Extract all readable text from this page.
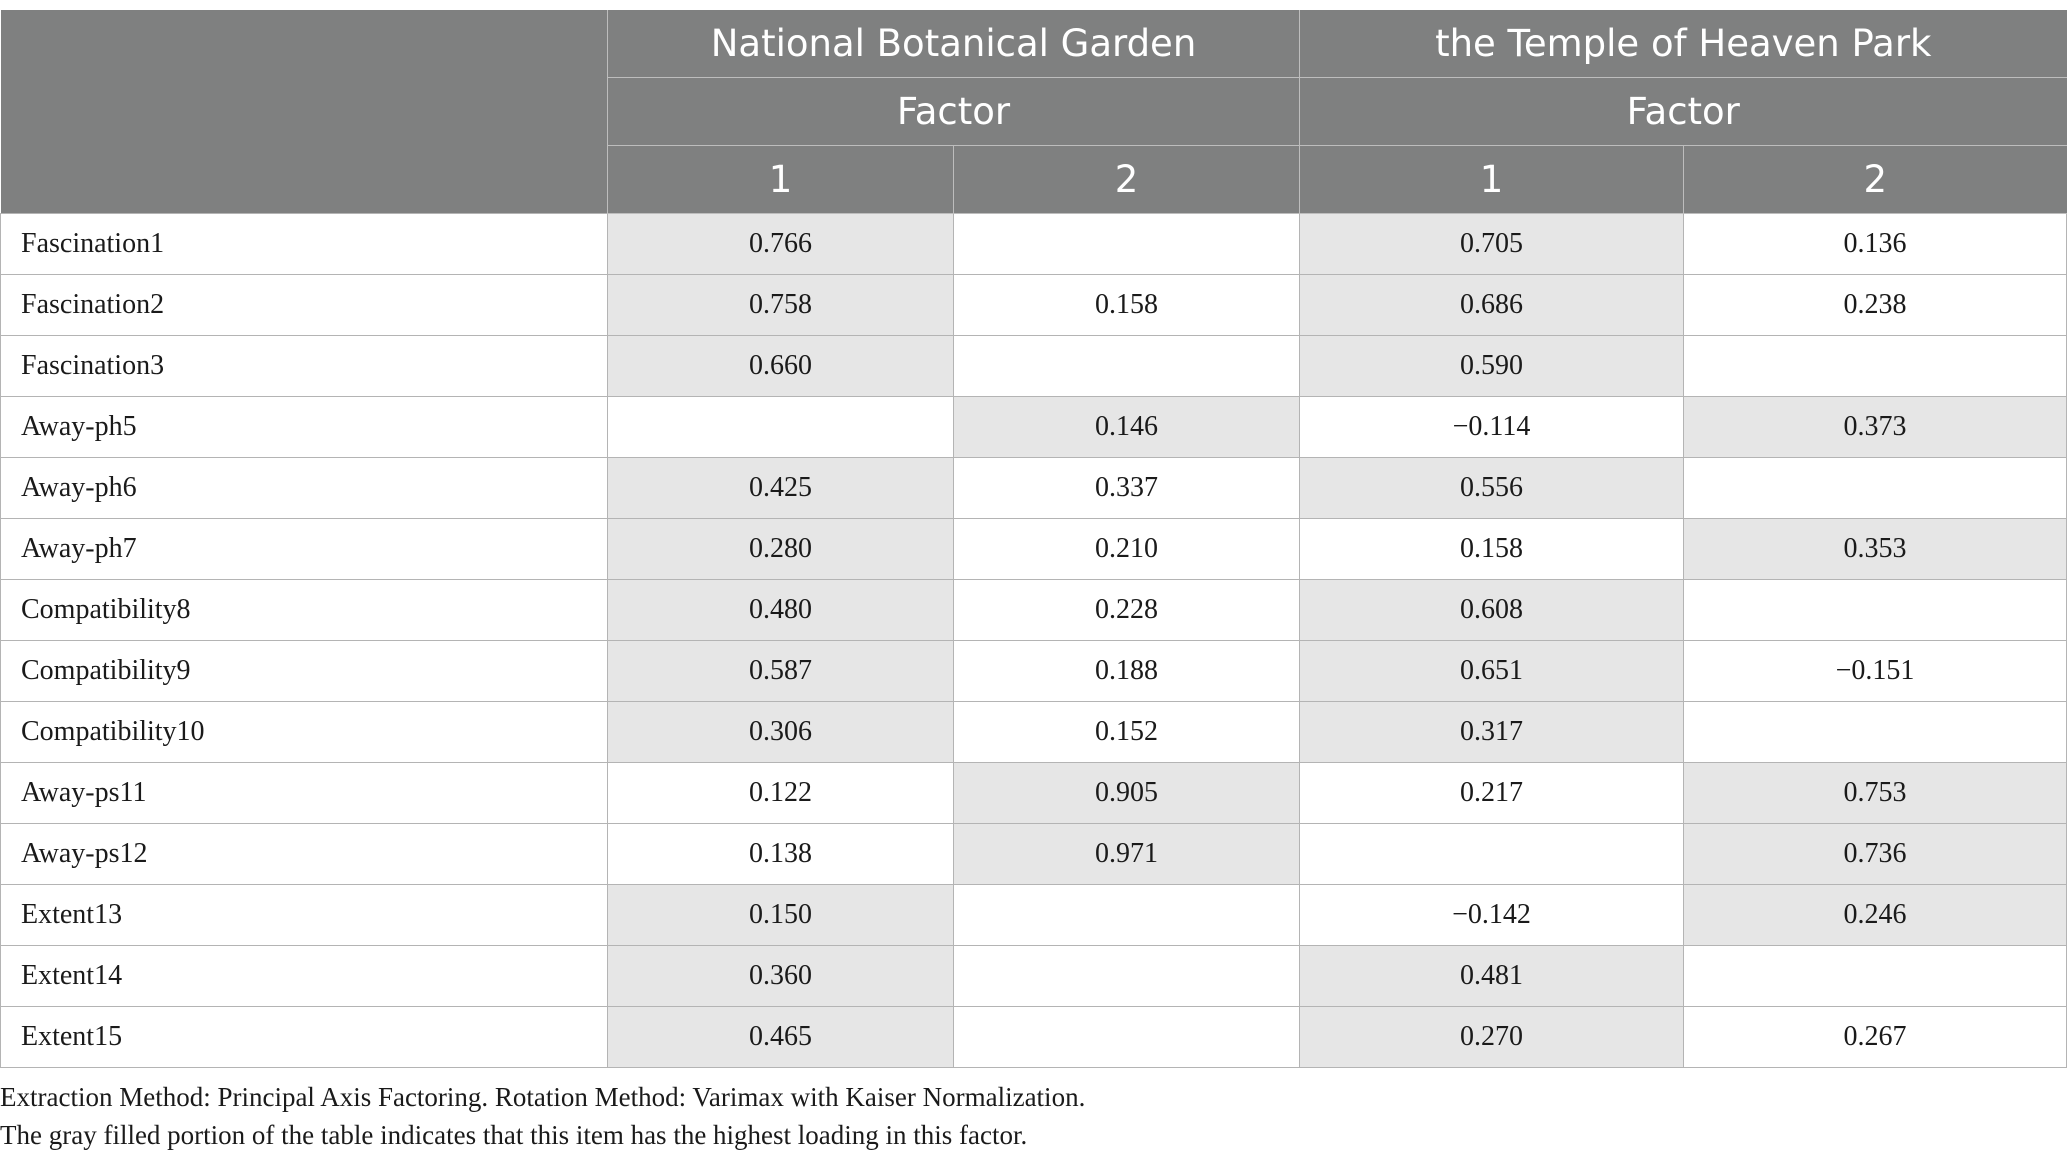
	National Botanical Garden		the Temple of Heaven Park	
	Factor		Factor	
	1	2	1	2
Fascination1	0.766		0.705	0.136
Fascination2	0.758	0.158	0.686	0.238
Fascination3	0.660		0.590	
Away-ph5		0.146	−0.114	0.373
Away-ph6	0.425	0.337	0.556	
Away-ph7	0.280	0.210	0.158	0.353
Compatibility8	0.480	0.228	0.608	
Compatibility9	0.587	0.188	0.651	−0.151
Compatibility10	0.306	0.152	0.317	
Away-ps11	0.122	0.905	0.217	0.753
Away-ps12	0.138	0.971		0.736
Extent13	0.150		−0.142	0.246
Extent14	0.360		0.481	
Extent15	0.465		0.270	0.267
Extraction Method: Principal Axis Factoring. Rotation Method: Varimax with Kaiser Normalization.
The gray filled portion of the table indicates that this item has the highest loading in this factor.
